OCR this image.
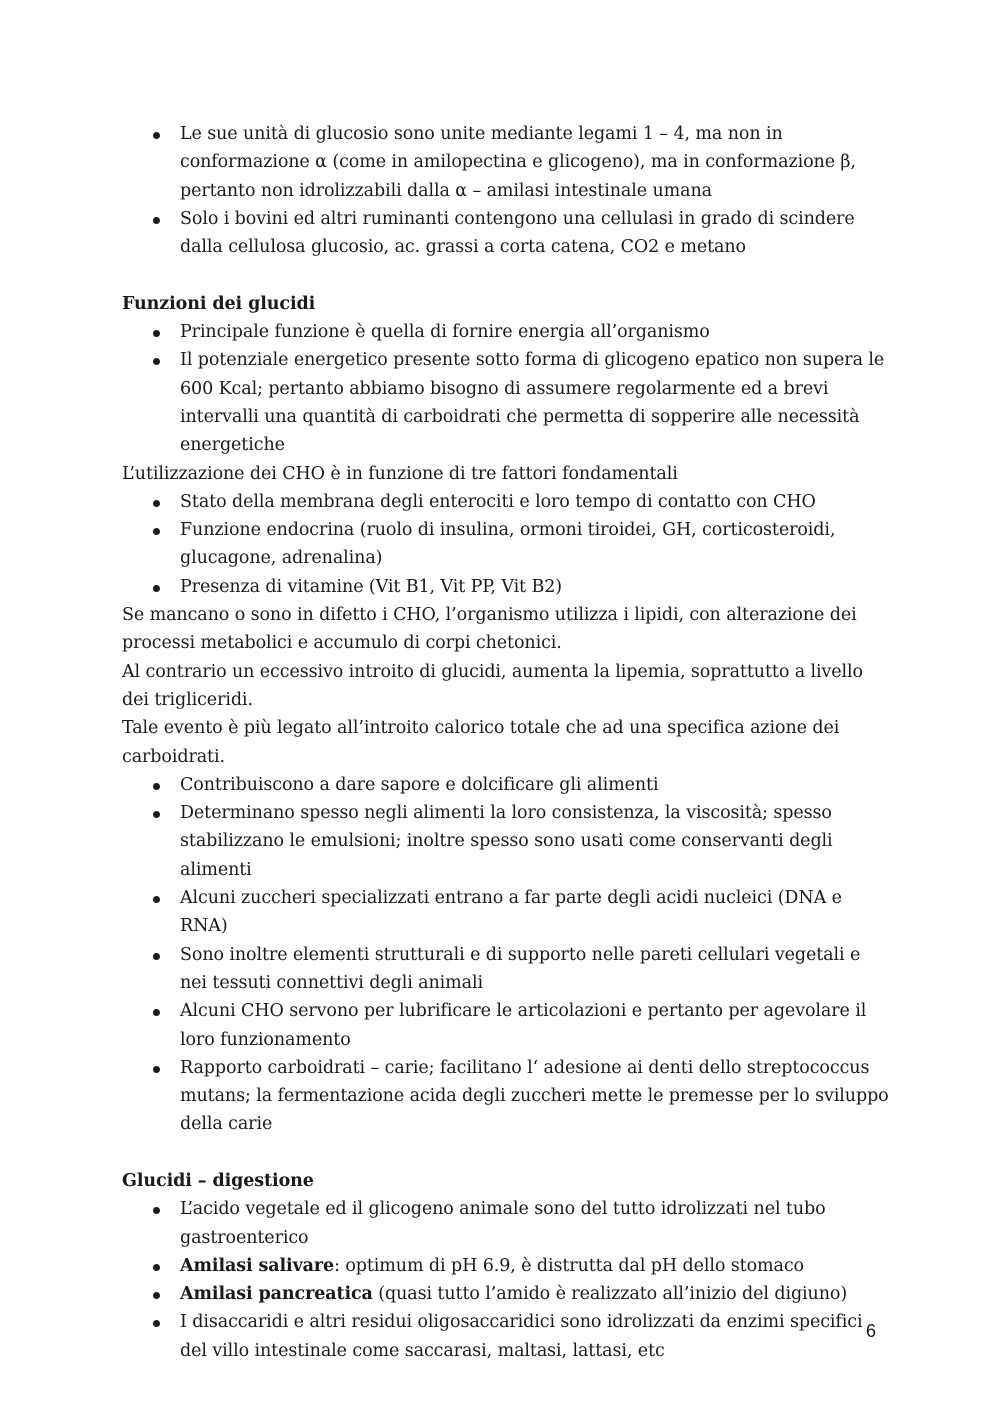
Le sue unità di glucosio sono unite mediante legami 1 – 4, ma non in conformazione α (come in amilopectina e glicogeno), ma in conformazione β, pertanto non idrolizzabili dalla α – amilasi intestinale umana
Solo i bovini ed altri ruminanti contengono una cellulasi in grado di scindere dalla cellulosa glucosio, ac. grassi a corta catena, CO2 e metano

Funzioni dei glucidi

Principale funzione è quella di fornire energia all’organismo
Il potenziale energetico presente sotto forma di glicogeno epatico non supera le 600 Kcal; pertanto abbiamo bisogno di assumere regolarmente ed a brevi intervalli una quantità di carboidrati che permetta di sopperire alle necessità energetiche

L’utilizzazione dei CHO è in funzione di tre fattori fondamentali

Stato della membrana degli enterociti e loro tempo di contatto con CHO
Funzione endocrina (ruolo di insulina, ormoni tiroidei, GH, corticosteroidi, glucagone, adrenalina)
Presenza di vitamine (Vit B1, Vit PP, Vit B2)

Se mancano o sono in difetto i CHO, l’organismo utilizza i lipidi, con alterazione dei processi metabolici e accumulo di corpi chetonici.

Al contrario un eccessivo introito di glucidi, aumenta la lipemia, soprattutto a livello dei trigliceridi.

Tale evento è più legato all’introito calorico totale che ad una specifica azione dei carboidrati.

Contribuiscono a dare sapore e dolcificare gli alimenti
Determinano spesso negli alimenti la loro consistenza, la viscosità; spesso stabilizzano le emulsioni; inoltre spesso sono usati come conservanti degli alimenti
Alcuni zuccheri specializzati entrano a far parte degli acidi nucleici (DNA e RNA)
Sono inoltre elementi strutturali e di supporto nelle pareti cellulari vegetali e nei tessuti connettivi degli animali
Alcuni CHO servono per lubrificare le articolazioni e pertanto per agevolare il loro funzionamento
Rapporto carboidrati – carie; facilitano l‘ adesione ai denti dello streptococcus mutans; la fermentazione acida degli zuccheri mette le premesse per lo sviluppo della carie

Glucidi – digestione

L’acido vegetale ed il glicogeno animale sono del tutto idrolizzati nel tubo gastroenterico
Amilasi salivare: optimum di pH 6.9, è distrutta dal pH dello stomaco
Amilasi pancreatica (quasi tutto l’amido è realizzato all’inizio del digiuno)
I disaccaridi e altri residui oligosaccaridici sono idrolizzati da enzimi specifici del villo intestinale come saccarasi, maltasi, lattasi, etc
6
